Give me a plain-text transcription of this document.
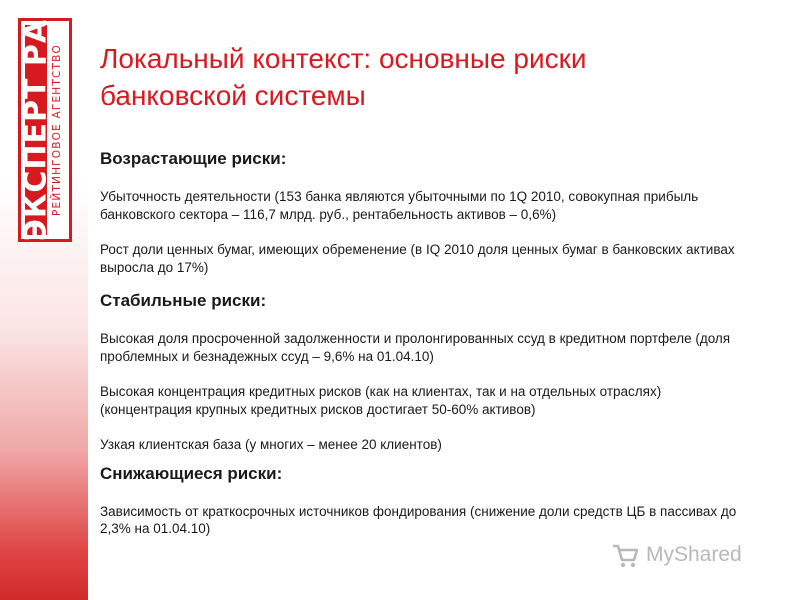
ЭКСПЕРТ РА
РЕЙТИНГОВОЕ АГЕНТСТВО Локальный контекст: основные риски банковской системы

Возрастающие риски:

Убыточность деятельности (153 банка являются убыточными по 1Q 2010, совокупная прибыль банковского сектора – 116,7 млрд. руб., рентабельность активов – 0,6%)

Рост доли ценных бумаг, имеющих обременение (в IQ 2010 доля ценных бумаг в банковских активах выросла до 17%)

Стабильные риски:

Высокая доля просроченной задолженности и пролонгированных ссуд в кредитном портфеле (доля проблемных и безнадежных ссуд – 9,6% на 01.04.10)

Высокая концентрация кредитных рисков (как на клиентах, так и на отдельных отраслях) (концентрация крупных кредитных рисков достигает 50-60% активов)

Узкая клиентская база (у многих – менее 20 клиентов)

Снижающиеся риски:

Зависимость от краткосрочных источников фондирования (снижение доли средств ЦБ в пассивах до 2,3% на 01.04.10)

MyShared
